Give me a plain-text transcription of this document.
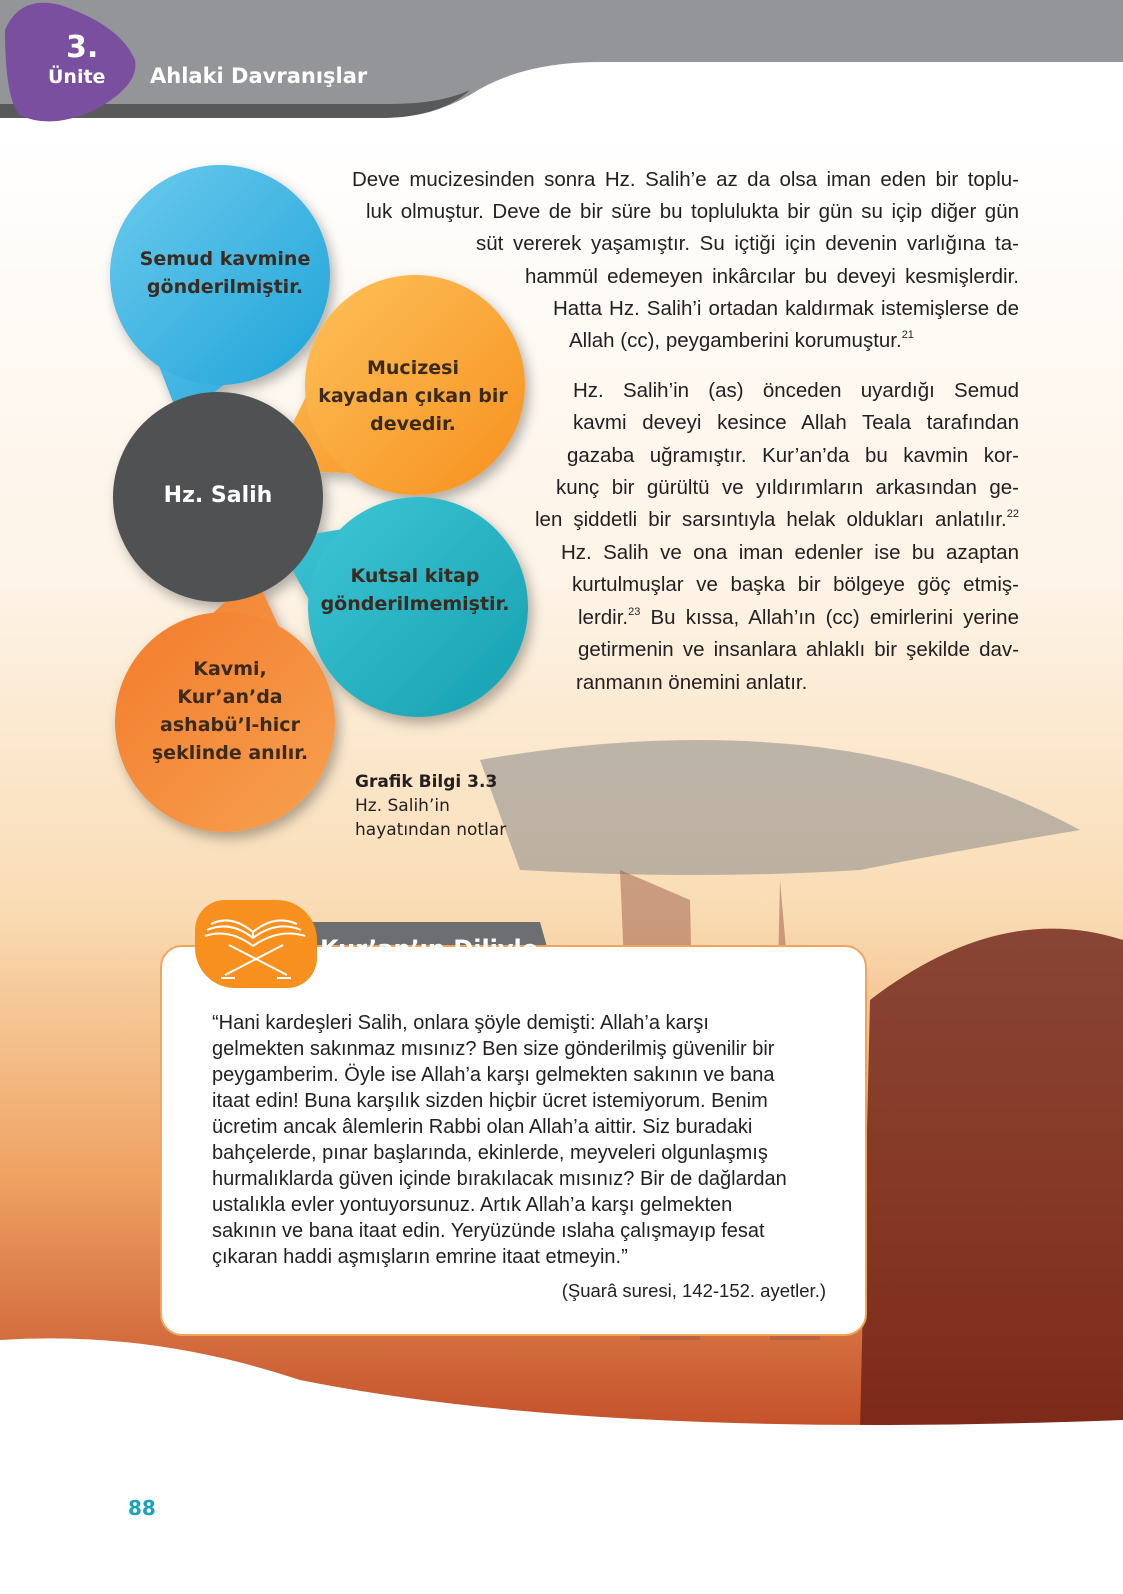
3.
Ünite Ahlaki Davranışlar
Deve mucizesinden sonra Hz. Salih’e az da olsa iman eden bir toplu-
luk olmuştur. Deve de bir süre bu toplulukta bir gün su içip diğer gün
süt vererek yaşamıştır. Su içtiği için devenin varlığına ta-
hammül edemeyen inkârcılar bu deveyi kesmişlerdir.
Hatta Hz. Salih’i ortadan kaldırmak istemişlerse de
Allah (cc), peygamberini korumuştur.$^{21}$
Hz. Salih’in (as) önceden uyardığı Semud
kavmi deveyi kesince Allah Teala tarafından
gazaba uğramıştır. Kur’an’da bu kavmin kor-
kunç bir gürültü ve yıldırımların arkasından ge-
len şiddetli bir sarsıntıyla helak oldukları anlatılır.$^{22}$
Hz. Salih ve ona iman edenler ise bu azaptan
kurtulmuşlar ve başka bir bölgeye göç etmiş-
lerdir.$^{23}$ Bu kıssa, Allah’ın (cc) emirlerini yerine
getirmenin ve insanlara ahlaklı bir şekilde dav-
ranmanın önemini anlatır.
Semud kavmine
gönderilmiştir.
Mucizesi
kayadan çıkan bir
devedir.
Kutsal kitap
gönderilmemiştir.
Kavmi,
Kur’an’da
ashabü’l-hicr
şeklinde anılır.
Hz. Salih
Grafik Bilgi 3.3
Hz. Salih’in
hayatından notlar
Kur’an’ın Diliyle
“Hani kardeşleri Salih, onlara şöyle demişti: Allah’a karşı
gelmekten sakınmaz mısınız? Ben size gönderilmiş güvenilir bir
peygamberim. Öyle ise Allah’a karşı gelmekten sakının ve bana
itaat edin! Buna karşılık sizden hiçbir ücret istemiyorum. Benim
ücretim ancak âlemlerin Rabbi olan Allah’a aittir. Siz buradaki
bahçelerde, pınar başlarında, ekinlerde, meyveleri olgunlaşmış
hurmalıklarda güven içinde bırakılacak mısınız? Bir de dağlardan
ustalıkla evler yontuyorsunuz. Artık Allah’a karşı gelmekten
sakının ve bana itaat edin. Yeryüzünde ıslaha çalışmayıp fesat
çıkaran haddi aşmışların emrine itaat etmeyin.”
(Şuarâ suresi, 142-152. ayetler.)
88
